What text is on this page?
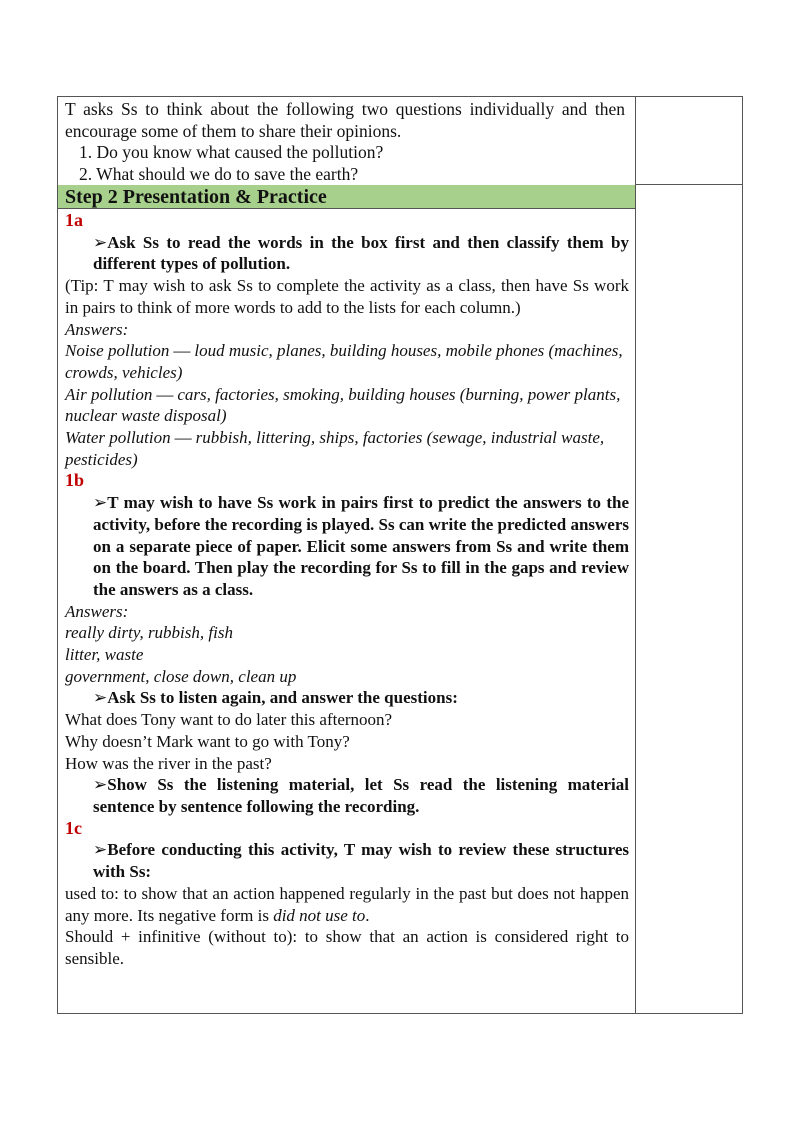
T asks Ss to think about the following two questions individually and then encourage some of them to share their opinions.

1. Do you know what caused the pollution?

2. What should we do to save the earth?

Step 2 Presentation & Practice

1a

➢Ask Ss to read the words in the box first and then classify them by different types of pollution.

(Tip: T may wish to ask Ss to complete the activity as a class, then have Ss work in pairs to think of more words to add to the lists for each column.)

Answers:

Noise pollution — loud music, planes, building houses, mobile phones (machines, crowds, vehicles)

Air pollution — cars, factories, smoking, building houses (burning, power plants, nuclear waste disposal)

Water pollution — rubbish, littering, ships, factories (sewage, industrial waste, pesticides)

1b

➢T may wish to have Ss work in pairs first to predict the answers to the activity, before the recording is played. Ss can write the predicted answers on a separate piece of paper. Elicit some answers from Ss and write them on the board. Then play the recording for Ss to fill in the gaps and review the answers as a class.

Answers:

really dirty, rubbish, fish

litter, waste

government, close down, clean up

➢Ask Ss to listen again, and answer the questions:

What does Tony want to do later this afternoon?

Why doesn’t Mark want to go with Tony?

How was the river in the past?

➢Show Ss the listening material, let Ss read the listening material sentence by sentence following the recording.

1c

➢Before conducting this activity, T may wish to review these structures with Ss:

used to: to show that an action happened regularly in the past but does not happen any more. Its negative form is did not use to.

Should + infinitive (without to): to show that an action is considered right to sensible.
